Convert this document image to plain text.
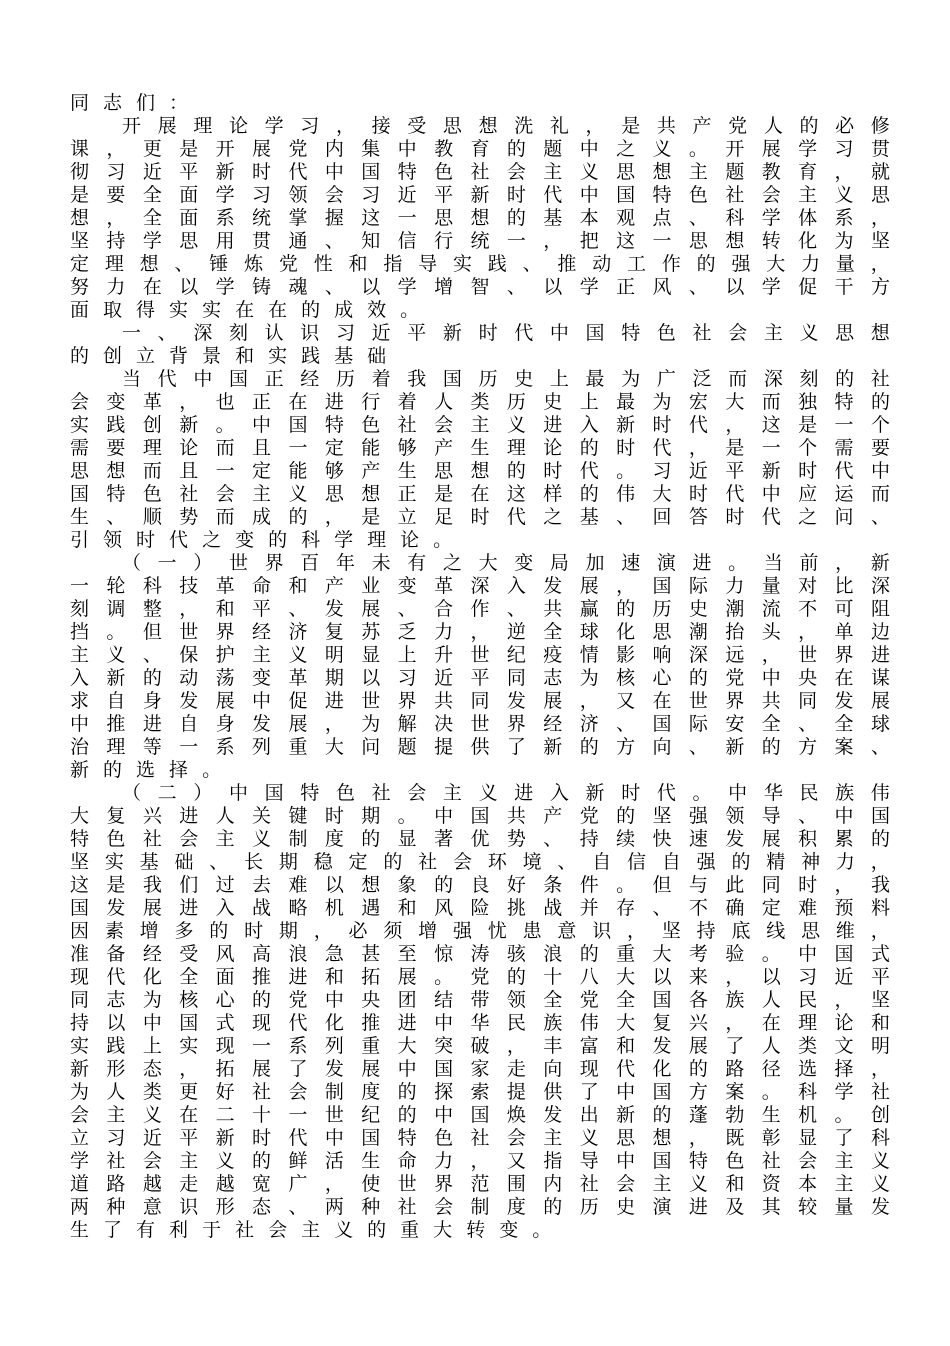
同 志 们 ：
开 展 理 论 学 习 ， 接 受 思 想 洗 礼 ， 是 共 产 党 人 的 必 修
课 ， 更 是 开 展 党 内 集 中 教 育 的 题 中 之 义 。 开 展 学 习 贯
彻 习 近 平 新 时 代 中 国 特 色 社 会 主 义 思 想 主 题 教 育 ， 就
是 要 全 面 学 习 领 会 习 近 平 新 时 代 中 国 特 色 社 会 主 义 思
想 ， 全 面 系 统 掌 握 这 一 思 想 的 基 本 观 点 、 科 学 体 系 ，
坚 持 学 思 用 贯 通 、 知 信 行 统 一 ， 把 这 一 思 想 转 化 为 坚
定 理 想 、 锤 炼 党 性 和 指 导 实 践 、 推 动 工 作 的 强 大 力 量 ，
努 力 在 以 学 铸 魂 、 以 学 增 智 、 以 学 正 风 、 以 学 促 干 方
面 取 得 实 实 在 在 的 成 效 。
一 、 深 刻 认 识 习 近 平 新 时 代 中 国 特 色 社 会 主 义 思 想
的 创 立 背 景 和 实 践 基 础
当 代 中 国 正 经 历 着 我 国 历 史 上 最 为 广 泛 而 深 刻 的 社
会 变 革 ， 也 正 在 进 行 着 人 类 历 史 上 最 为 宏 大 而 独 特 的
实 践 创 新 。 中 国 特 色 社 会 主 义 进 入 新 时 代 ， 这 是 一 个
需 要 理 论 而 且 一 定 能 够 产 生 理 论 的 时 代 ， 是 一 个 需 要
思 想 而 且 一 定 能 够 产 生 思 想 的 时 代 。 习 近 平 新 时 代 中
国 特 色 社 会 主 义 思 想 正 是 在 这 样 的 伟 大 时 代 中 应 运 而
生 、 顺 势 而 成 的 ， 是 立 足 时 代 之 基 、 回 答 时 代 之 问 、
引 领 时 代 之 变 的 科 学 理 论 。
（ 一 ） 世 界 百 年 未 有 之 大 变 局 加 速 演 进 。 当 前 ， 新
一 轮 科 技 革 命 和 产 业 变 革 深 入 发 展 ， 国 际 力 量 对 比 深
刻 调 整 ， 和 平 、 发 展 、 合 作 、 共 赢 的 历 史 潮 流 不 可 阻
挡 。 但 世 界 经 济 复 苏 乏 力 ， 逆 全 球 化 思 潮 抬 头 ， 单 边
主 义 、 保 护 主 义 明 显 上 升 世 纪 疫 情 影 响 深 远 ， 世 界 进
入 新 的 动 荡 变 革 期 以 习 近 平 同 志 为 核 心 的 党 中 央 在 谋
求 自 身 发 展 中 促 进 世 界 共 同 发 展 ， 又 在 世 界 共 同 发 展
中 推 进 自 身 发 展 ， 为 解 决 世 界 经 济 、 国 际 安 全 、 全 球
治 理 等 一 系 列 重 大 问 题 提 供 了 新 的 方 向 、 新 的 方 案 、
新 的 选 择 。
（ 二 ） 中 国 特 色 社 会 主 义 进 入 新 时 代 。 中 华 民 族 伟
大 复 兴 进 人 关 键 时 期 。 中 国 共 产 党 的 坚 强 领 导 、 中 国
特 色 社 会 主 义 制 度 的 显 著 优 势 、 持 续 快 速 发 展 积 累 的
坚 实 基 础 、 长 期 稳 定 的 社 会 环 境 、 自 信 自 强 的 精 神 力 ，
这 是 我 们 过 去 难 以 想 象 的 良 好 条 件 。 但 与 此 同 时 ， 我
国 发 展 进 入 战 略 机 遇 和 风 险 挑 战 并 存 、 不 确 定 难 预 料
因 素 增 多 的 时 期 ， 必 须 增 强 忧 患 意 识 ， 坚 持 底 线 思 维 ，
准 备 经 受 风 高 浪 急 甚 至 惊 涛 骇 浪 的 重 大 考 验 。 中 国 式
现 代 化 全 面 推 进 和 拓 展 。 党 的 十 八 大 以 来 ， 以 习 近 平
同 志 为 核 心 的 党 中 央 团 结 带 领 全 党 全 国 各 族 人 民 ， 坚
持 以 中 国 式 现 代 化 推 进 中 华 民 族 伟 大 复 兴 ， 在 理 论 和
实 践 上 实 现 一 系 列 重 大 突 破 ， 丰 富 和 发 展 了 人 类 文 明
新 形 态 ， 拓 展 了 发 展 中 国 家 走 向 现 代 化 的 路 径 选 择 ，
为 人 类 更 好 社 会 制 度 的 探 索 提 供 了 中 国 方 案 。 科 学 社
会 主 义 在 二 十 一 世 纪 的 中 国 焕 发 出 新 的 蓬 勃 生 机 。 创
立 习 近 平 新 时 代 中 国 特 色 社 会 主 义 思 想 ， 既 彰 显 了 科
学 社 会 主 义 的 鲜 活 生 命 力 ， 又 指 导 中 国 特 色 社 会 主 义
道 路 越 走 越 宽 广 ， 使 世 界 范 围 内 社 会 主 义 和 资 本 主 义
两 种 意 识 形 态 、 两 种 社 会 制 度 的 历 史 演 进 及 其 较 量 发
生 了 有 利 于 社 会 主 义 的 重 大 转 变 。
